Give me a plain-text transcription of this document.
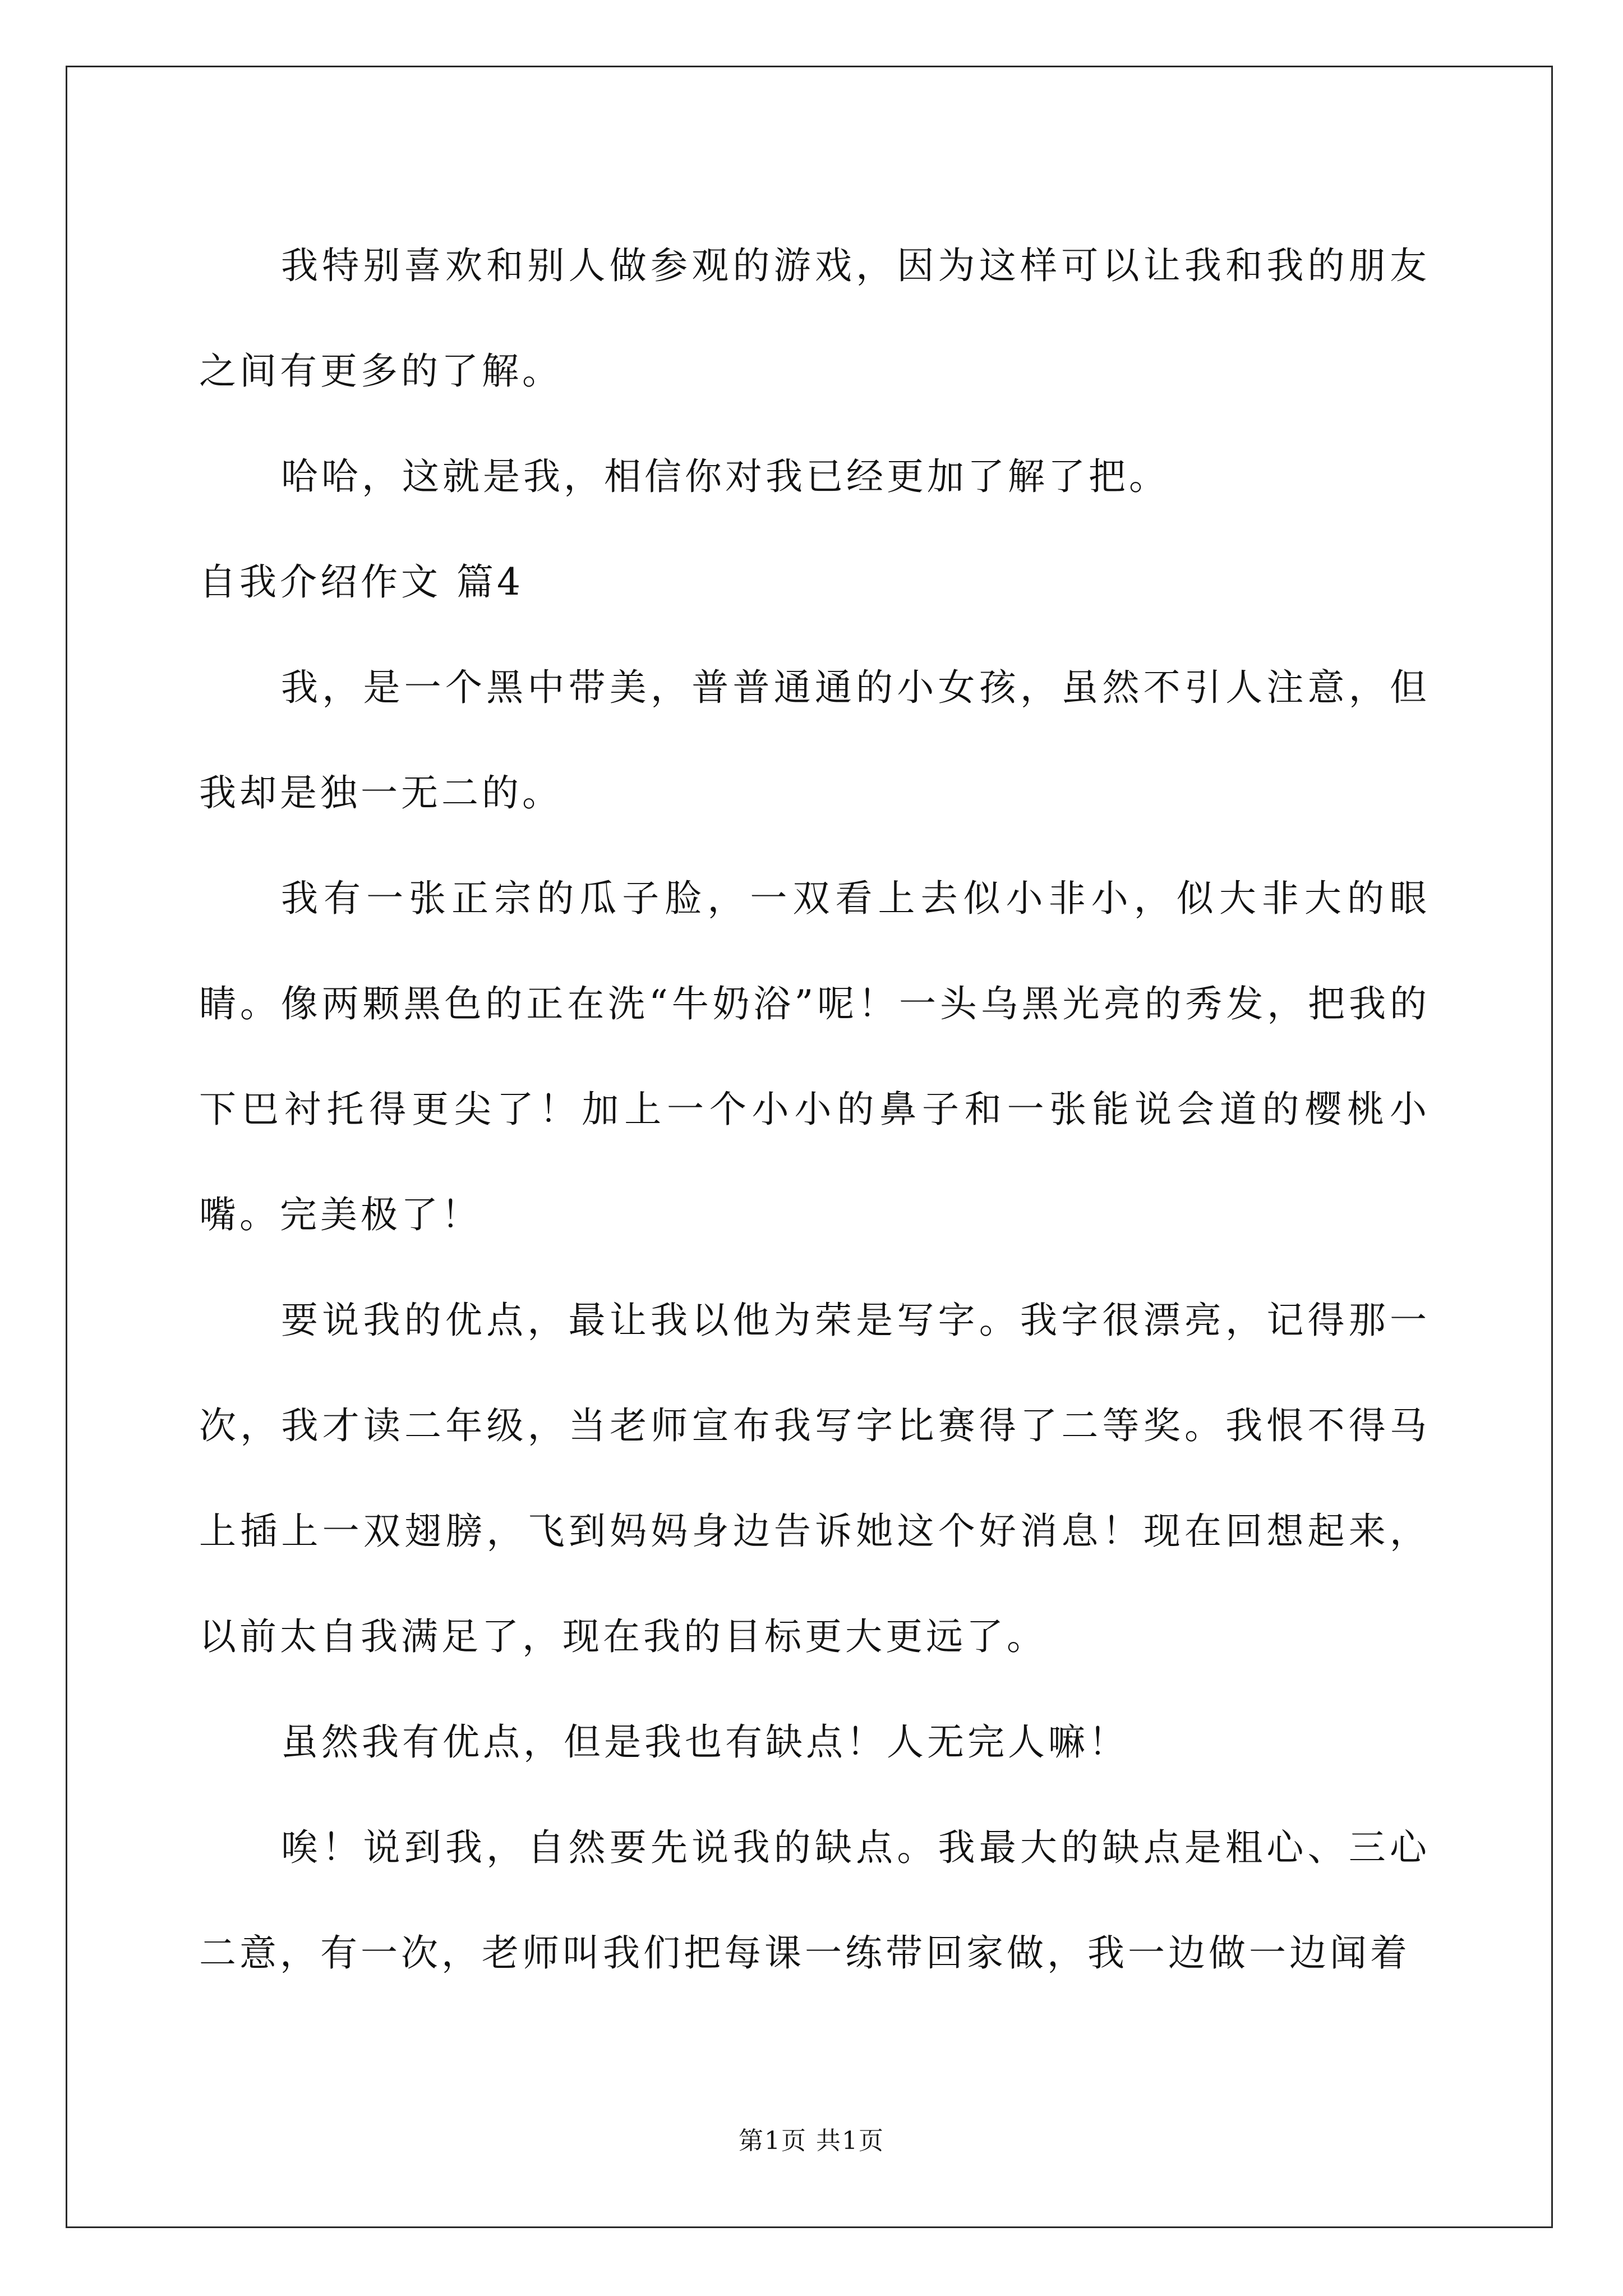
我特别喜欢和别人做参观的游戏，因为这样可以让我和我的朋友之间有更多的了解。

哈哈，这就是我，相信你对我已经更加了解了把。

自我介绍作文 篇4

我，是一个黑中带美，普普通通的小女孩，虽然不引人注意，但我却是独一无二的。

我有一张正宗的瓜子脸，一双看上去似小非小，似大非大的眼睛。像两颗黑色的正在洗“牛奶浴”呢！一头乌黑光亮的秀发，把我的下巴衬托得更尖了！加上一个小小的鼻子和一张能说会道的樱桃小嘴。完美极了！

要说我的优点，最让我以他为荣是写字。我字很漂亮，记得那一次，我才读二年级，当老师宣布我写字比赛得了二等奖。我恨不得马上插上一双翅膀，飞到妈妈身边告诉她这个好消息！现在回想起来，以前太自我满足了，现在我的目标更大更远了。

虽然我有优点，但是我也有缺点！人无完人嘛！

唉！说到我，自然要先说我的缺点。我最大的缺点是粗心、三心二意，有一次，老师叫我们把每课一练带回家做，我一边做一边闻着

第1页 共1页
